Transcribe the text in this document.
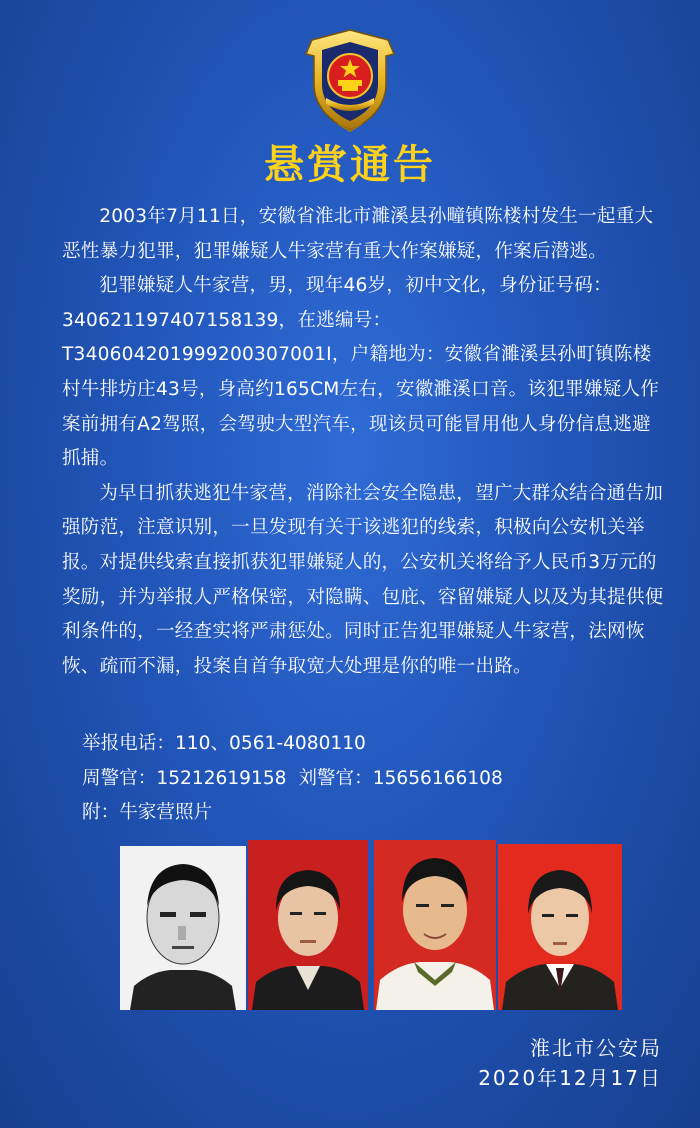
悬赏通告

2003年7月11日，安徽省淮北市濉溪县孙疃镇陈楼村发生一起重大恶性暴力犯罪，犯罪嫌疑人牛家营有重大作案嫌疑，作案后潜逃。

犯罪嫌疑人牛家营，男，现年46岁，初中文化，身份证号码：340621197407158139，在逃编号：T340604201999200307001I，户籍地为：安徽省濉溪县孙町镇陈楼村牛排坊庄43号，身高约165CM左右，安徽濉溪口音。该犯罪嫌疑人作案前拥有A2驾照，会驾驶大型汽车，现该员可能冒用他人身份信息逃避抓捕。

为早日抓获逃犯牛家营，消除社会安全隐患，望广大群众结合通告加强防范，注意识别，一旦发现有关于该逃犯的线索，积极向公安机关举报。对提供线索直接抓获犯罪嫌疑人的，公安机关将给予人民币3万元的奖励，并为举报人严格保密，对隐瞒、包庇、容留嫌疑人以及为其提供便利条件的，一经查实将严肃惩处。同时正告犯罪嫌疑人牛家营，法网恢恢、疏而不漏，投案自首争取宽大处理是你的唯一出路。

举报电话：110、0561-4080110
周警官：15212619158  刘警官：15656166108
附：牛家营照片
淮北市公安局
2020年12月17日
